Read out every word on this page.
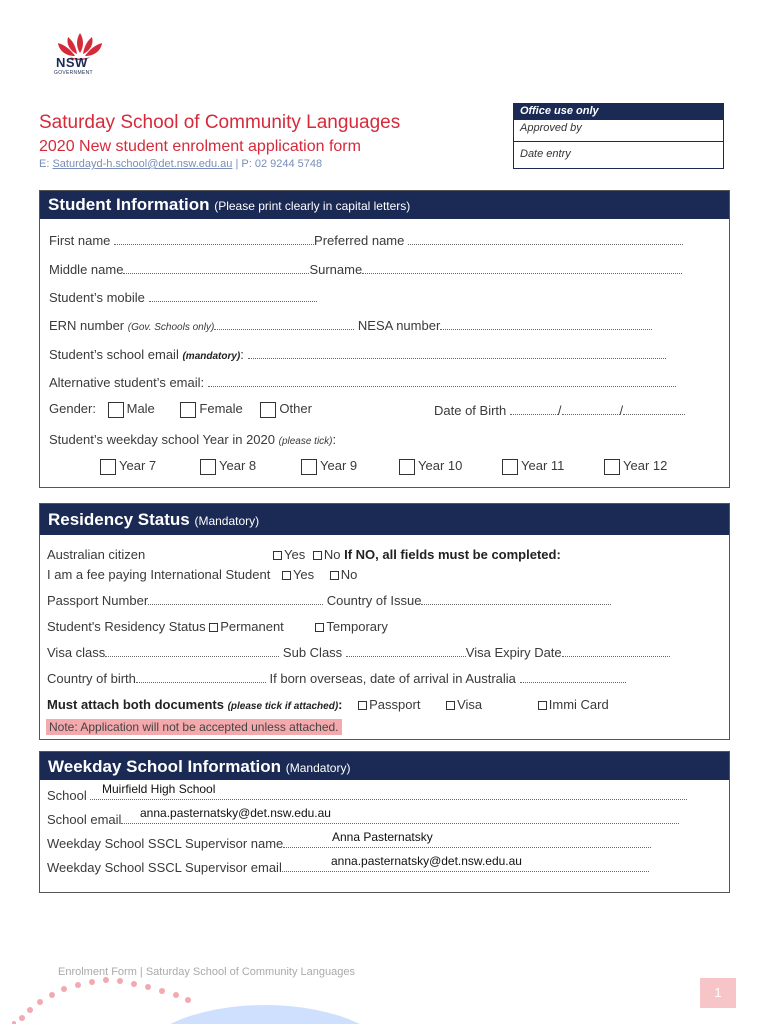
NSW
GOVERNMENT
Saturday School of Community Languages
2020 New student enrolment application form
E: Saturdayd-h.school@det.nsw.edu.au | P: 02 9244 5748
Office use only
Approved by
Date entry
Student Information (Please print clearly in capital letters)
First name	Preferred name
Middle name	Surname
Student’s mobile
ERN number (Gov. Schools only)	NESA number
Student’s school email (mandatory):
Alternative student’s email:
Gender: Male	Female	Other	Date of Birth	/	/
Student’s weekday school Year in 2020 (please tick):
Year 7	Year 8	Year 9	Year 10	Year 11	Year 12
Residency Status (Mandatory)
Australian citizen	Yes No If NO, all fields must be completed:
I am a fee paying International Student Yes No
Passport Number	Country of Issue
Student's Residency Status Permanent	Temporary
Visa class	Sub Class	Visa Expiry Date
Country of birth	If born overseas, date of arrival in Australia
Must attach both documents (please tick if attached): Passport	Visa	Immi Card
Note: Application will not be accepted unless attached.
Weekday School Information (Mandatory)
School	Muirfield High School
School email	anna.pasternatsky@det.nsw.edu.au
Weekday School SSCL Supervisor name	Anna Pasternatsky
Weekday School SSCL Supervisor email	anna.pasternatsky@det.nsw.edu.au
Enrolment Form | Saturday School of Community Languages
1
